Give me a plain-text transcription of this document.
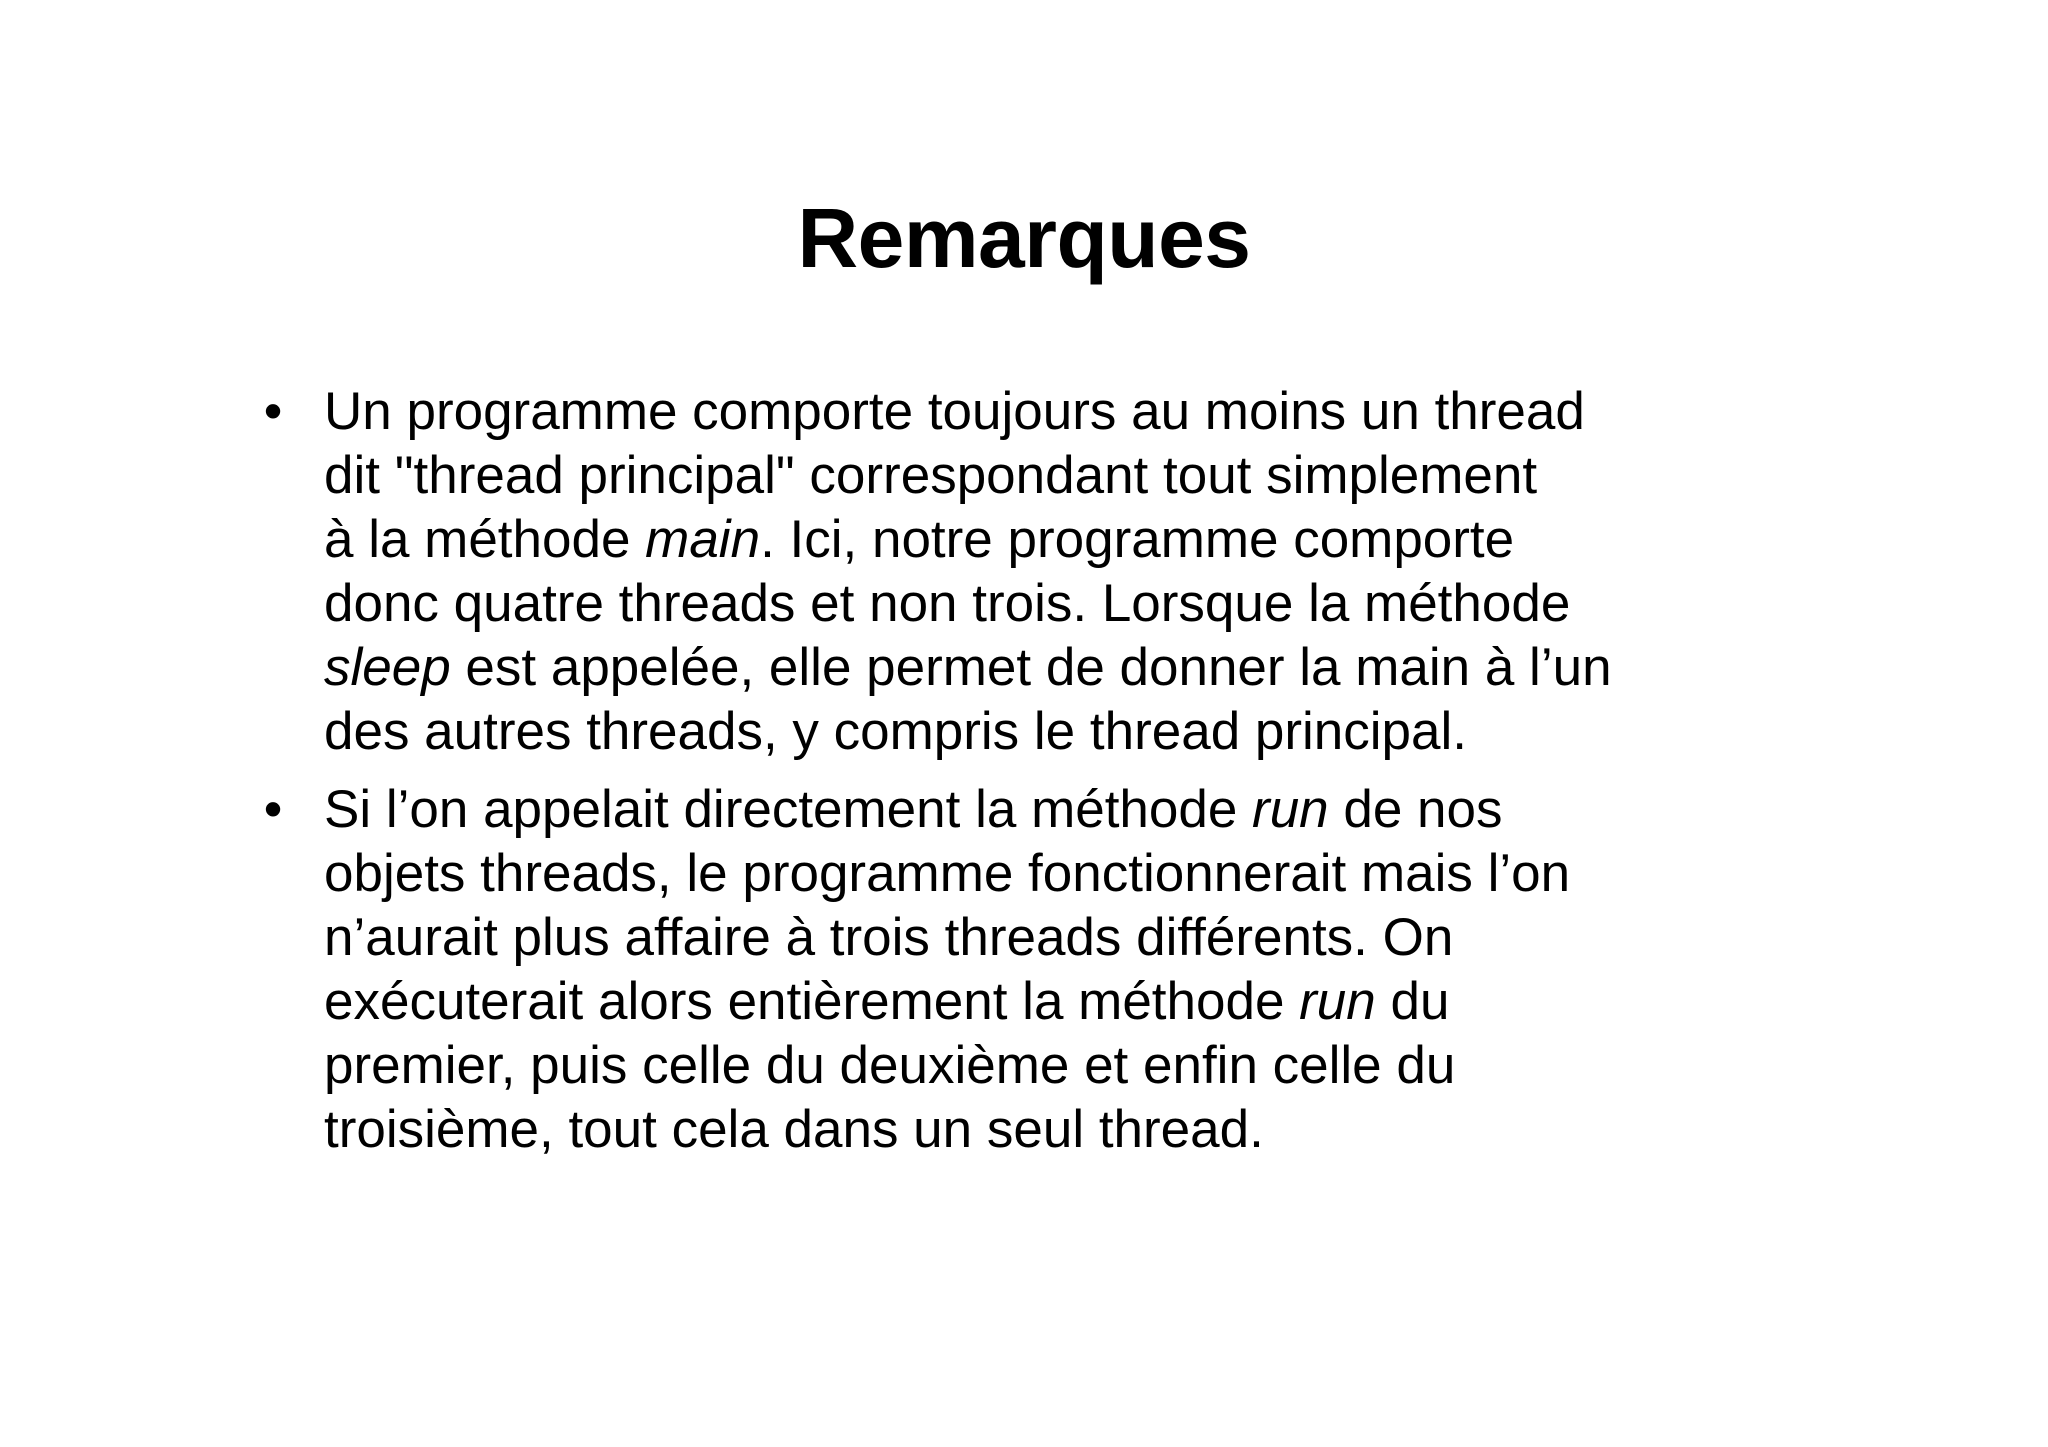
Remarques
• Un programme comporte toujours au moins un thread
dit "thread principal" correspondant tout simplement
à la méthode main. Ici, notre programme comporte
donc quatre threads et non trois. Lorsque la méthode
sleep est appelée, elle permet de donner la main à l’un
des autres threads, y compris le thread principal.
• Si l’on appelait directement la méthode run de nos
objets threads, le programme fonctionnerait mais l’on
n’aurait plus affaire à trois threads différents. On
exécuterait alors entièrement la méthode run du
premier, puis celle du deuxième et enfin celle du
troisième, tout cela dans un seul thread.
